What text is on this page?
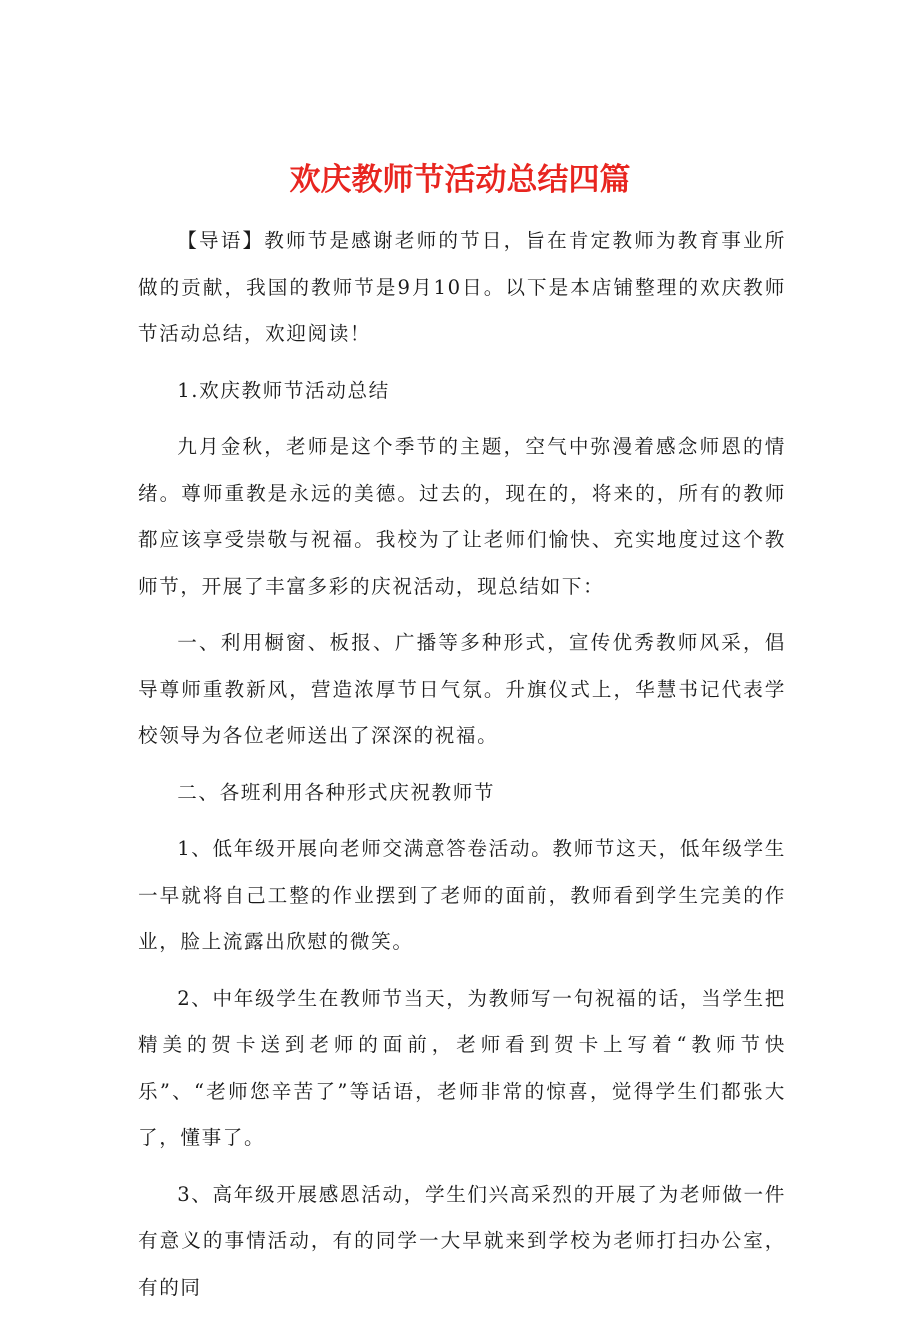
欢庆教师节活动总结四篇

【导语】教师节是感谢老师的节日，旨在肯定教师为教育事业所做的贡献，我国的教师节是9月10日。以下是本店铺整理的欢庆教师节活动总结，欢迎阅读！

1.欢庆教师节活动总结

九月金秋，老师是这个季节的主题，空气中弥漫着感念师恩的情绪。尊师重教是永远的美德。过去的，现在的，将来的，所有的教师都应该享受崇敬与祝福。我校为了让老师们愉快、充实地度过这个教师节，开展了丰富多彩的庆祝活动，现总结如下：

一、利用橱窗、板报、广播等多种形式，宣传优秀教师风采，倡导尊师重教新风，营造浓厚节日气氛。升旗仪式上，华慧书记代表学校领导为各位老师送出了深深的祝福。

二、各班利用各种形式庆祝教师节

1、低年级开展向老师交满意答卷活动。教师节这天，低年级学生一早就将自己工整的作业摆到了老师的面前，教师看到学生完美的作业，脸上流露出欣慰的微笑。

2、中年级学生在教师节当天，为教师写一句祝福的话，当学生把精美的贺卡送到老师的面前，老师看到贺卡上写着“教师节快乐”、“老师您辛苦了”等话语，老师非常的惊喜，觉得学生们都张大了，懂事了。

3、高年级开展感恩活动，学生们兴高采烈的开展了为老师做一件有意义的事情活动，有的同学一大早就来到学校为老师打扫办公室，有的同
